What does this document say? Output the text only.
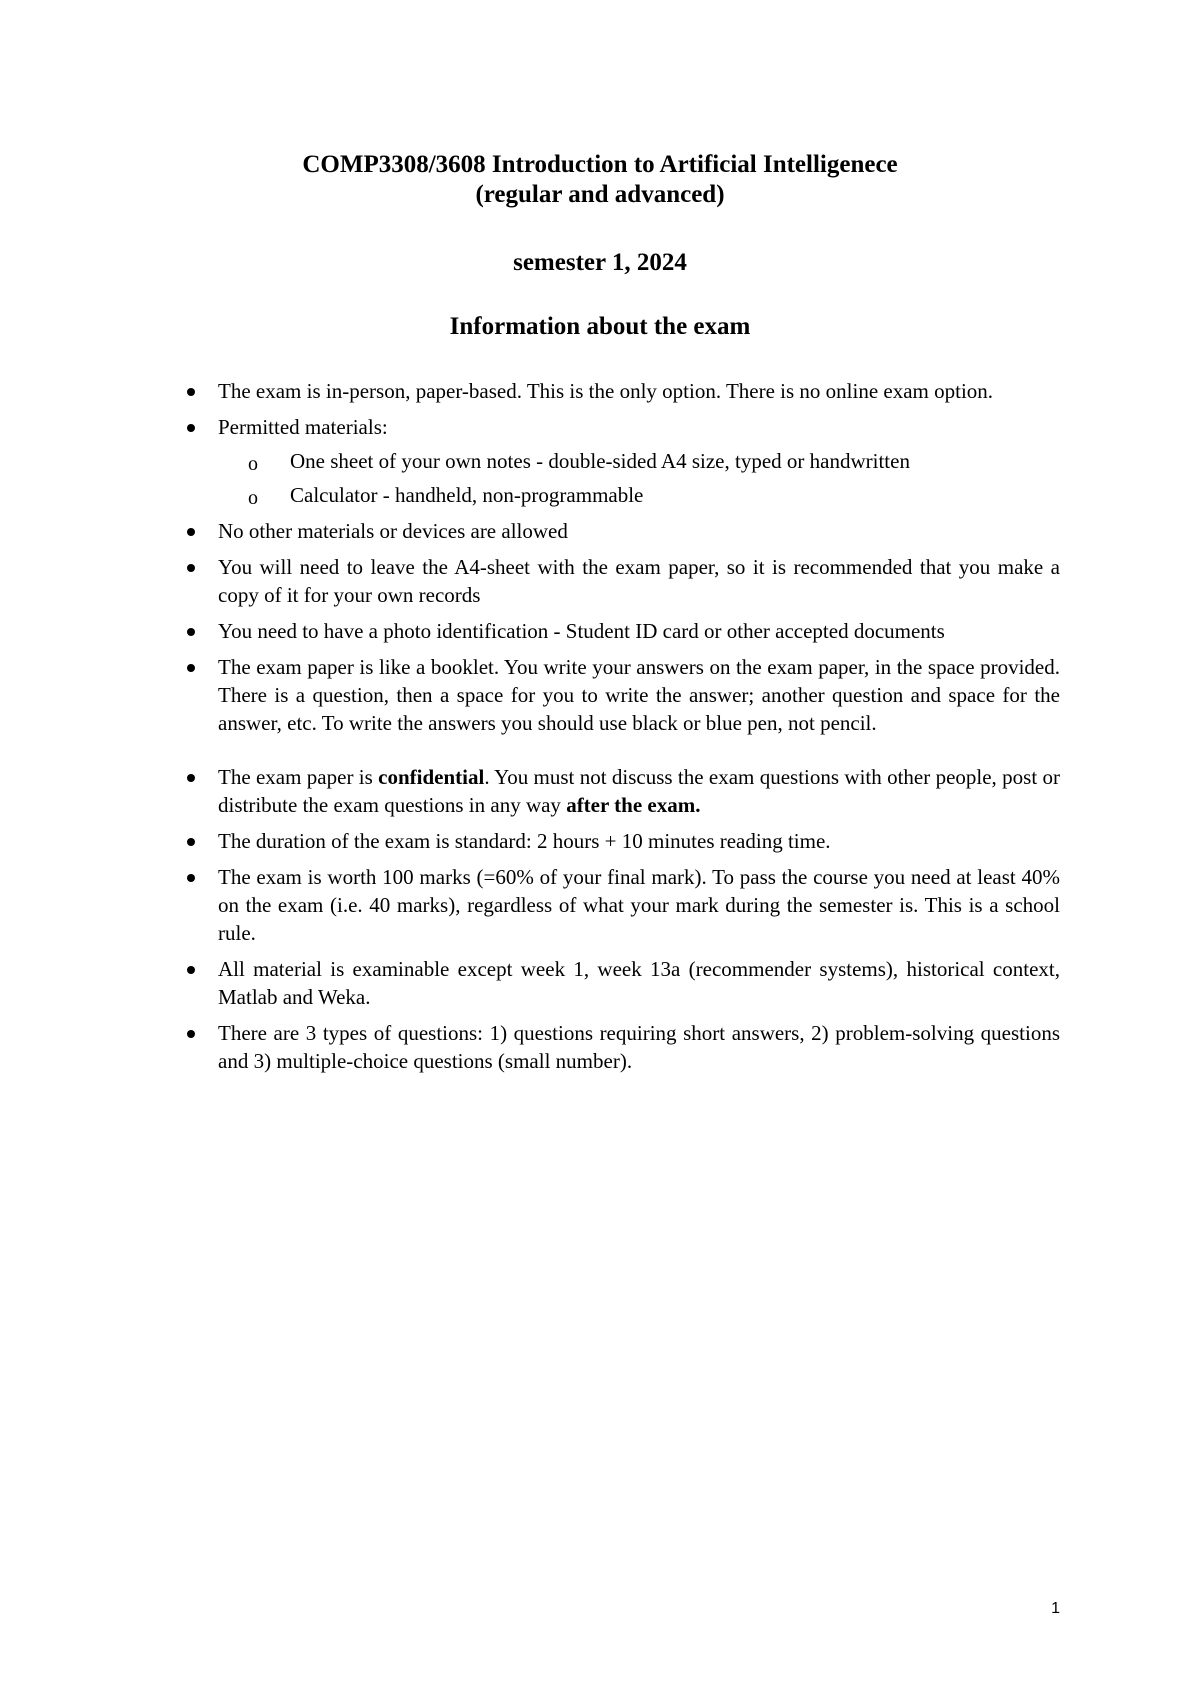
COMP3308/3608 Introduction to Artificial Intelligenece
(regular and advanced)
semester 1, 2024
Information about the exam
The exam is in-person, paper-based. This is the only option. There is no online exam option.
Permitted materials:
o One sheet of your own notes - double-sided A4 size, typed or handwritten
o Calculator - handheld, non-programmable
No other materials or devices are allowed
You will need to leave the A4-sheet with the exam paper, so it is recommended that you make a copy of it for your own records
You need to have a photo identification - Student ID card or other accepted documents
The exam paper is like a booklet. You write your answers on the exam paper, in the space provided. There is a question, then a space for you to write the answer; another question and space for the answer, etc. To write the answers you should use black or blue pen, not pencil.
The exam paper is confidential. You must not discuss the exam questions with other people, post or distribute the exam questions in any way after the exam.
The duration of the exam is standard: 2 hours + 10 minutes reading time.
The exam is worth 100 marks (=60% of your final mark). To pass the course you need at least 40% on the exam (i.e. 40 marks), regardless of what your mark during the semester is. This is a school rule.
All material is examinable except week 1, week 13a (recommender systems), historical context, Matlab and Weka.
There are 3 types of questions: 1) questions requiring short answers, 2) problem-solving questions and 3) multiple-choice questions (small number).
1
